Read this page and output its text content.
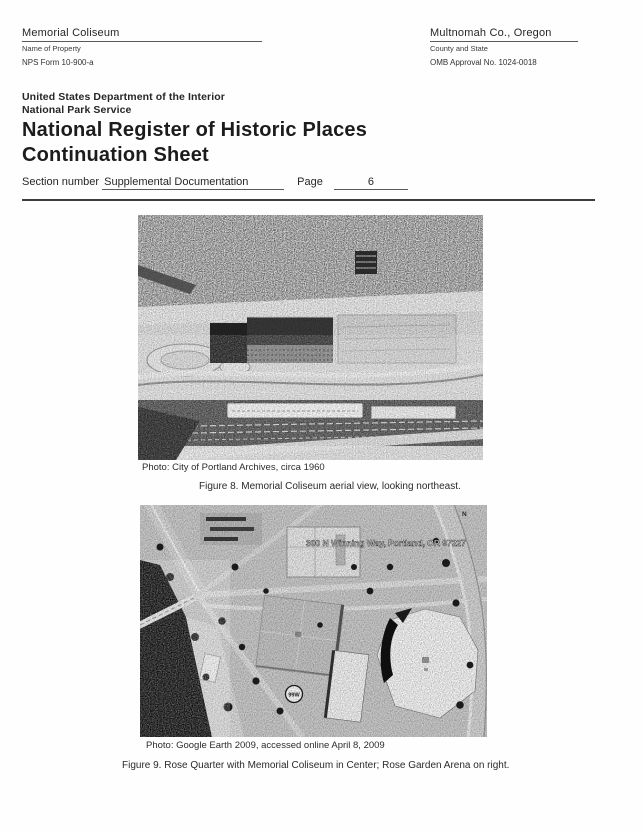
Memorial Coliseum
Name of Property
NPS Form 10-900-a
Multnomah Co., Oregon
County and State
OMB Approval No. 1024-0018
United States Department of the Interior
National Park Service
National Register of Historic Places
Continuation Sheet
Section number Supplemental Documentation	Page	6
Photo: City of Portland Archives, circa 1960
Figure 8. Memorial Coliseum aerial view, looking northeast.
300 N Winning Way, Portland, OR 97227
99W
N
Photo: Google Earth 2009, accessed online April 8, 2009
Figure 9. Rose Quarter with Memorial Coliseum in Center; Rose Garden Arena on right.
